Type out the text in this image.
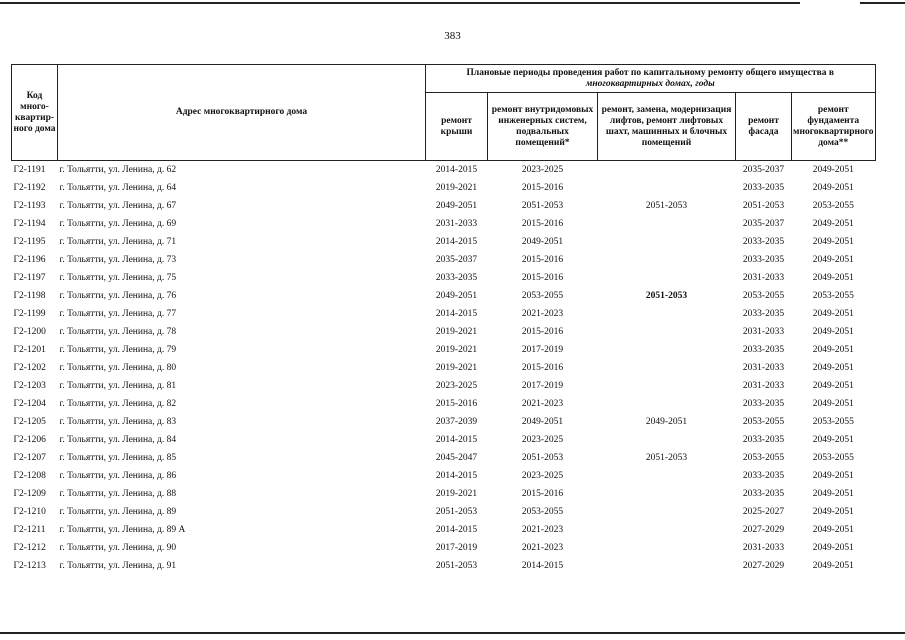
383
Код много-квартир-ного дома	Адрес многоквартирного дома	Плановые периоды проведения работ по капитальному ремонту общего имущества в
многоквартирных домах, годы				
		ремонт крыши	ремонт внутридомовых инженерных систем, подвальных помещений*	ремонт, замена, модернизация лифтов, ремонт лифтовых шахт, машинных и блочных помещений	ремонт фасада	ремонт фундамента многоквартирного дома**
Г2-1191	г. Тольятти, ул. Ленина, д. 62	2014-2015	2023-2025		2035-2037	2049-2051
Г2-1192	г. Тольятти, ул. Ленина, д. 64	2019-2021	2015-2016		2033-2035	2049-2051
Г2-1193	г. Тольятти, ул. Ленина, д. 67	2049-2051	2051-2053	2051-2053	2051-2053	2053-2055
Г2-1194	г. Тольятти, ул. Ленина, д. 69	2031-2033	2015-2016		2035-2037	2049-2051
Г2-1195	г. Тольятти, ул. Ленина, д. 71	2014-2015	2049-2051		2033-2035	2049-2051
Г2-1196	г. Тольятти, ул. Ленина, д. 73	2035-2037	2015-2016		2033-2035	2049-2051
Г2-1197	г. Тольятти, ул. Ленина, д. 75	2033-2035	2015-2016		2031-2033	2049-2051
Г2-1198	г. Тольятти, ул. Ленина, д. 76	2049-2051	2053-2055	2051-2053	2053-2055	2053-2055
Г2-1199	г. Тольятти, ул. Ленина, д. 77	2014-2015	2021-2023		2033-2035	2049-2051
Г2-1200	г. Тольятти, ул. Ленина, д. 78	2019-2021	2015-2016		2031-2033	2049-2051
Г2-1201	г. Тольятти, ул. Ленина, д. 79	2019-2021	2017-2019		2033-2035	2049-2051
Г2-1202	г. Тольятти, ул. Ленина, д. 80	2019-2021	2015-2016		2031-2033	2049-2051
Г2-1203	г. Тольятти, ул. Ленина, д. 81	2023-2025	2017-2019		2031-2033	2049-2051
Г2-1204	г. Тольятти, ул. Ленина, д. 82	2015-2016	2021-2023		2033-2035	2049-2051
Г2-1205	г. Тольятти, ул. Ленина, д. 83	2037-2039	2049-2051	2049-2051	2053-2055	2053-2055
Г2-1206	г. Тольятти, ул. Ленина, д. 84	2014-2015	2023-2025		2033-2035	2049-2051
Г2-1207	г. Тольятти, ул. Ленина, д. 85	2045-2047	2051-2053	2051-2053	2053-2055	2053-2055
Г2-1208	г. Тольятти, ул. Ленина, д. 86	2014-2015	2023-2025		2033-2035	2049-2051
Г2-1209	г. Тольятти, ул. Ленина, д. 88	2019-2021	2015-2016		2033-2035	2049-2051
Г2-1210	г. Тольятти, ул. Ленина, д. 89	2051-2053	2053-2055		2025-2027	2049-2051
Г2-1211	г. Тольятти, ул. Ленина, д. 89 А	2014-2015	2021-2023		2027-2029	2049-2051
Г2-1212	г. Тольятти, ул. Ленина, д. 90	2017-2019	2021-2023		2031-2033	2049-2051
Г2-1213	г. Тольятти, ул. Ленина, д. 91	2051-2053	2014-2015		2027-2029	2049-2051
